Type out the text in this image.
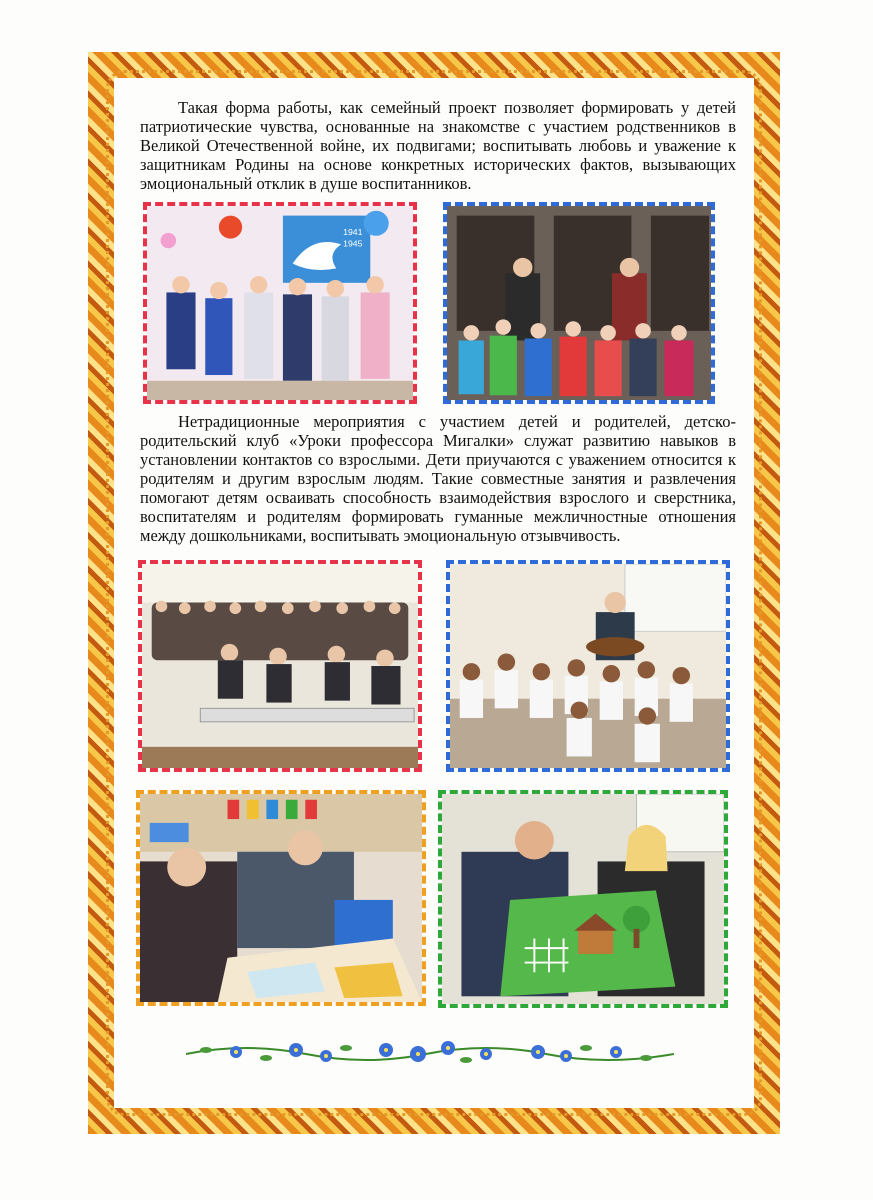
Такая форма работы, как семейный проект позволяет формировать у детей патриотические чувства, основанные на знакомстве с участием родственников в Великой Отечественной войне, их подвигами; воспитывать любовь и уважение к защитникам Родины на основе конкретных исторических фактов, вызывающих эмоциональный отклик в душе воспитанников.

1941
1945

Нетрадиционные мероприятия с участием детей и родителей, детско-родительский клуб «Уроки профессора Мигалки» служат развитию навыков в установлении контактов со взрослыми. Дети приучаются с уважением относится к родителям и другим взрослым людям. Такие совместные занятия и развлечения помогают детям осваивать способность взаимодействия взрослого и сверстника, воспитателям и родителям формировать гуманные межличностные отношения между дошкольниками, воспитывать эмоциональную отзывчивость.
